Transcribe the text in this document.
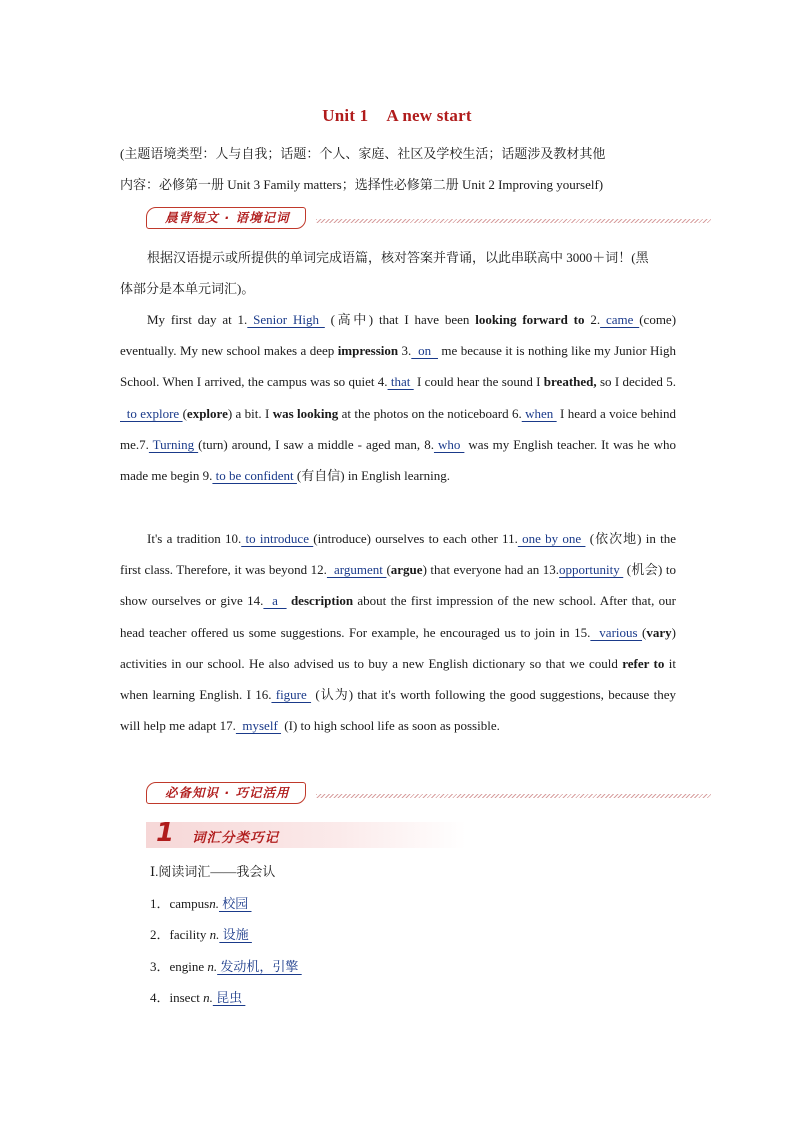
Unit 1 A new start
(主题语境类型：人与自我；话题：个人、家庭、社区及学校生活；话题涉及教材其他
内容：必修第一册 Unit 3 Family matters；选择性必修第二册 Unit 2 Improving yourself)
晨背短文 · 语境记词
根据汉语提示或所提供的单词完成语篇，核对答案并背诵，以此串联高中 3000＋词！(黑
体部分是本单元词汇)。
My first day at 1. Senior High  (高中) that I have been looking forward to 2. came (come) eventually. My new school makes a deep impression 3.  on   me because it is nothing like my Junior High School. When I arrived, the campus was so quiet 4. that  I could hear the sound I breathed, so I decided 5.  to explore (explore) a bit. I was looking at the photos on the noticeboard 6. when  I heard a voice behind me.7. Turning (turn) around, I saw a middle - aged man, 8. who  was my English teacher. It was he who made me begin 9. to be confident (有自信) in English learning.
It's a tradition 10. to introduce (introduce) ourselves to each other 11. one by one  (依次地) in the first class. Therefore, it was beyond 12.  argument (argue) that everyone had an 13.opportunity  (机会) to show ourselves or give 14.  a   description about the first impression of the new school. After that, our head teacher offered us some suggestions. For example, he encouraged us to join in 15.  various (vary) activities in our school. He also advised us to buy a new English dictionary so that we could refer to it when learning English. I 16. figure  (认为) that it's worth following the good suggestions, because they will help me adapt 17.  myself  (I) to high school life as soon as possible.
必备知识 · 巧记活用
1 词汇分类巧记
Ⅰ.阅读词汇——我会认
1．campusn. 校园
2．facility n. 设施
3．engine n. 发动机，引擎
4．insect n. 昆虫
